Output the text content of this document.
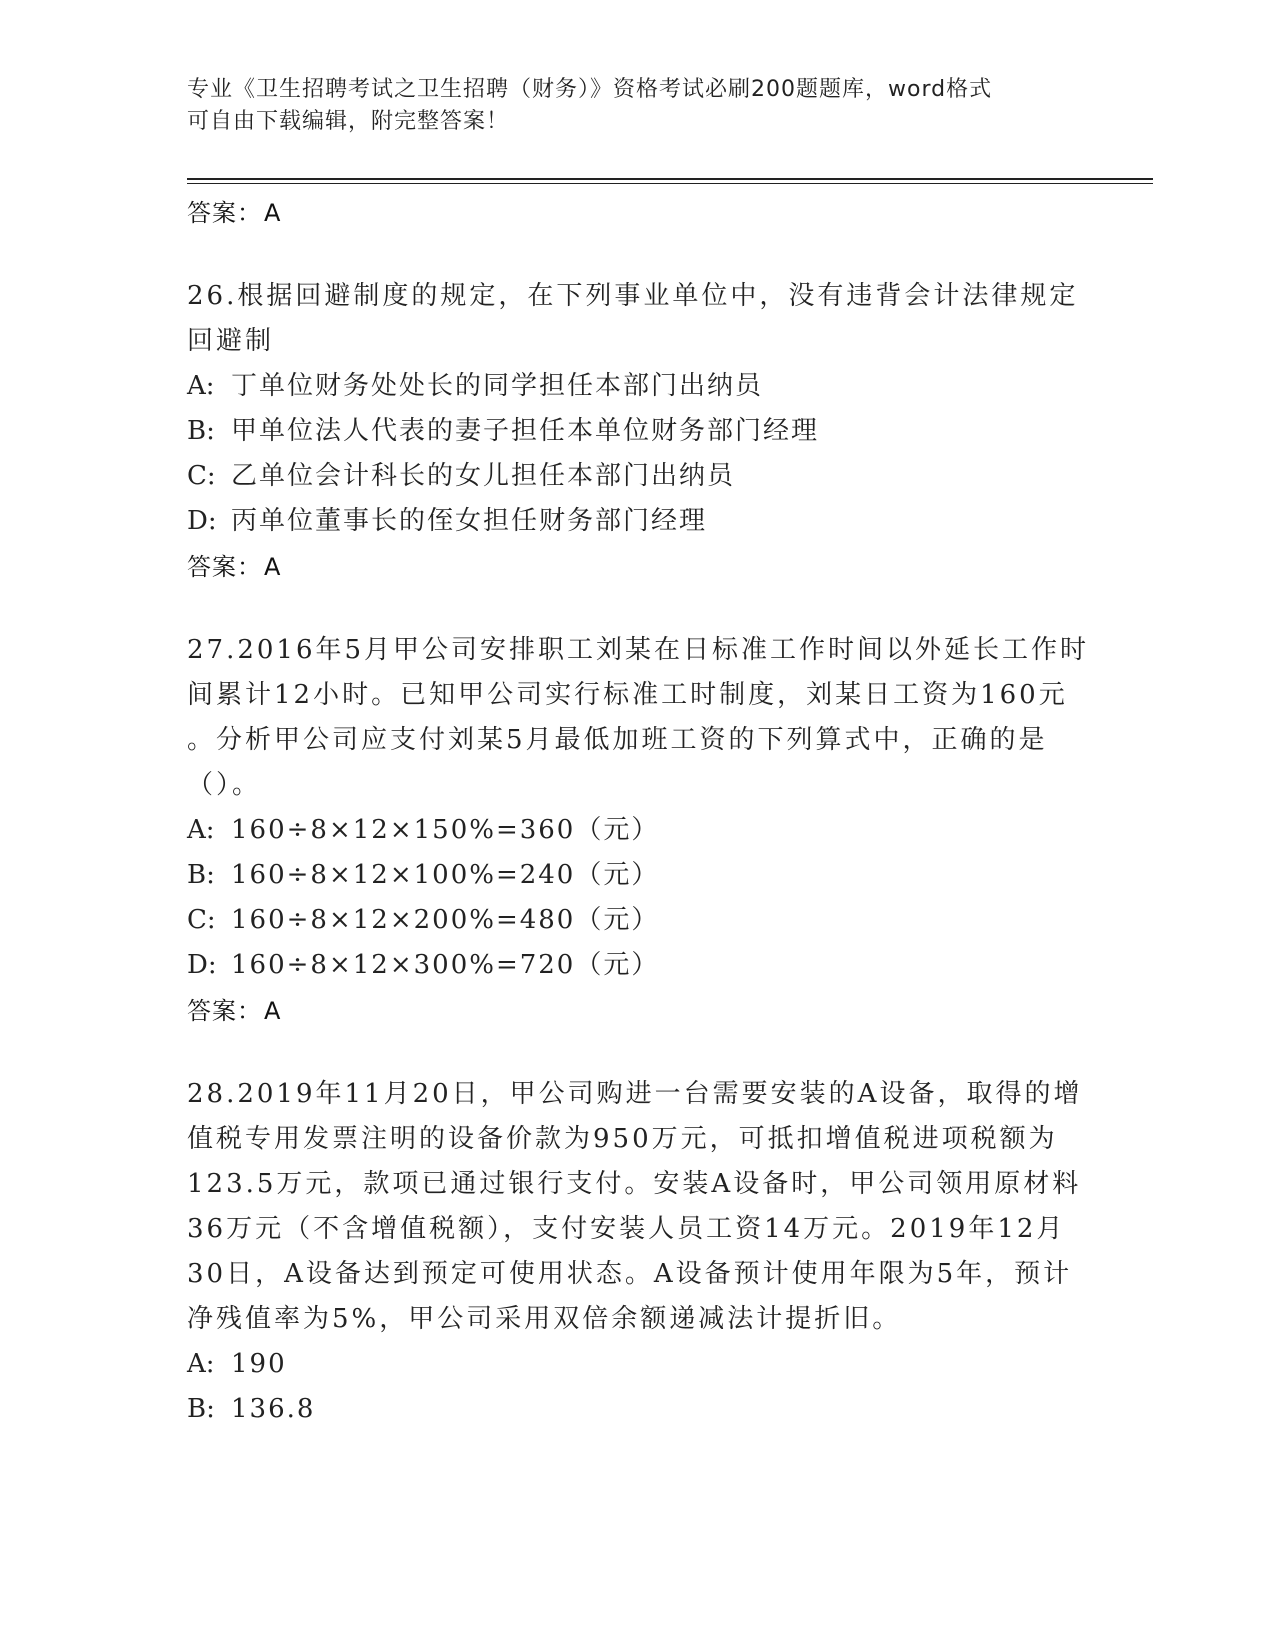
专业《卫生招聘考试之卫生招聘（财务）》资格考试必刷200题题库，word格式
可自由下载编辑，附完整答案！
答案：A
26.根据回避制度的规定，在下列事业单位中，没有违背会计法律规定
回避制
A: 丁单位财务处处长的同学担任本部门出纳员
B: 甲单位法人代表的妻子担任本单位财务部门经理
C: 乙单位会计科长的女儿担任本部门出纳员
D: 丙单位董事长的侄女担任财务部门经理
答案：A
27.2016年5月甲公司安排职工刘某在日标准工作时间以外延长工作时
间累计12小时。已知甲公司实行标准工时制度，刘某日工资为160元
。分析甲公司应支付刘某5月最低加班工资的下列算式中，正确的是
（）。
A: 160÷8×12×150%=360（元）
B: 160÷8×12×100%=240（元）
C: 160÷8×12×200%=480（元）
D: 160÷8×12×300%=720（元）
答案：A
28.2019年11月20日，甲公司购进一台需要安装的A设备，取得的增
值税专用发票注明的设备价款为950万元，可抵扣增值税进项税额为
123.5万元，款项已通过银行支付。安装A设备时，甲公司领用原材料
36万元（不含增值税额），支付安装人员工资14万元。2019年12月
30日，A设备达到预定可使用状态。A设备预计使用年限为5年，预计
净残值率为5%，甲公司采用双倍余额递减法计提折旧。
A: 190
B: 136.8
